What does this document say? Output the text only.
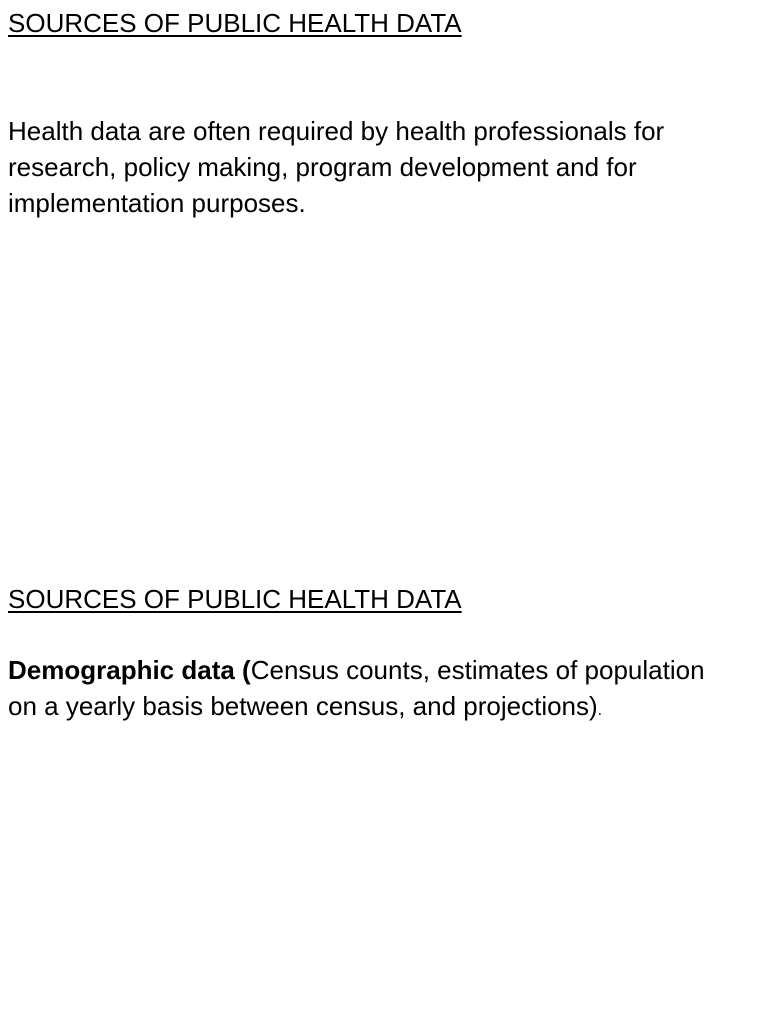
SOURCES OF PUBLIC HEALTH DATA

Health data are often required by health professionals for research, policy making, program development and for implementation purposes.

SOURCES OF PUBLIC HEALTH DATA

Demographic data (Census counts, estimates of population on a yearly basis between census, and projections).
